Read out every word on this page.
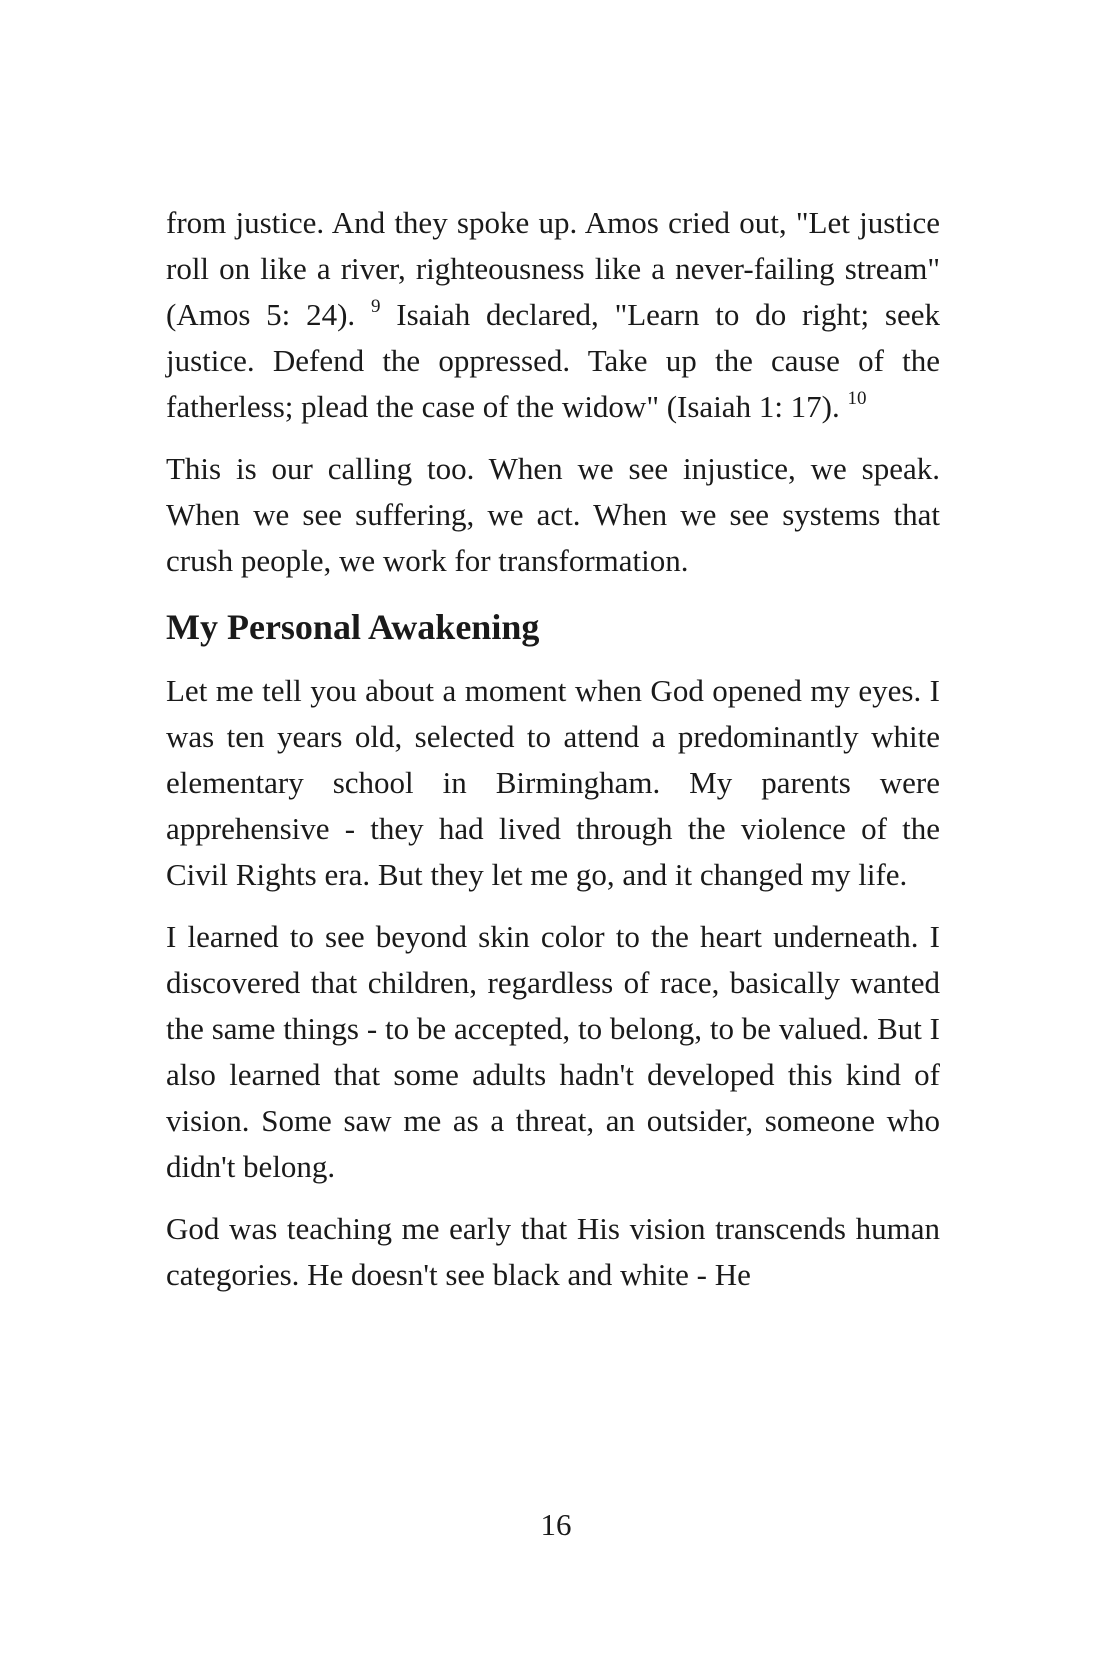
from justice. And they spoke up. Amos cried out, "Let justice roll on like a river, righteousness like a never-failing stream" (Amos 5: 24). $^9$ Isaiah declared, "Learn to do right; seek justice. Defend the oppressed. Take up the cause of the fatherless; plead the case of the widow" (Isaiah 1: 17). $^{10}$

This is our calling too. When we see injustice, we speak. When we see suffering, we act. When we see systems that crush people, we work for transformation.

My Personal Awakening

Let me tell you about a moment when God opened my eyes. I was ten years old, selected to attend a predominantly white elementary school in Birmingham. My parents were apprehensive - they had lived through the violence of the Civil Rights era. But they let me go, and it changed my life.

I learned to see beyond skin color to the heart underneath. I discovered that children, regardless of race, basically wanted the same things - to be accepted, to belong, to be valued. But I also learned that some adults hadn't developed this kind of vision. Some saw me as a threat, an outsider, someone who didn't belong.

God was teaching me early that His vision transcends human categories. He doesn't see black and white - He

16
